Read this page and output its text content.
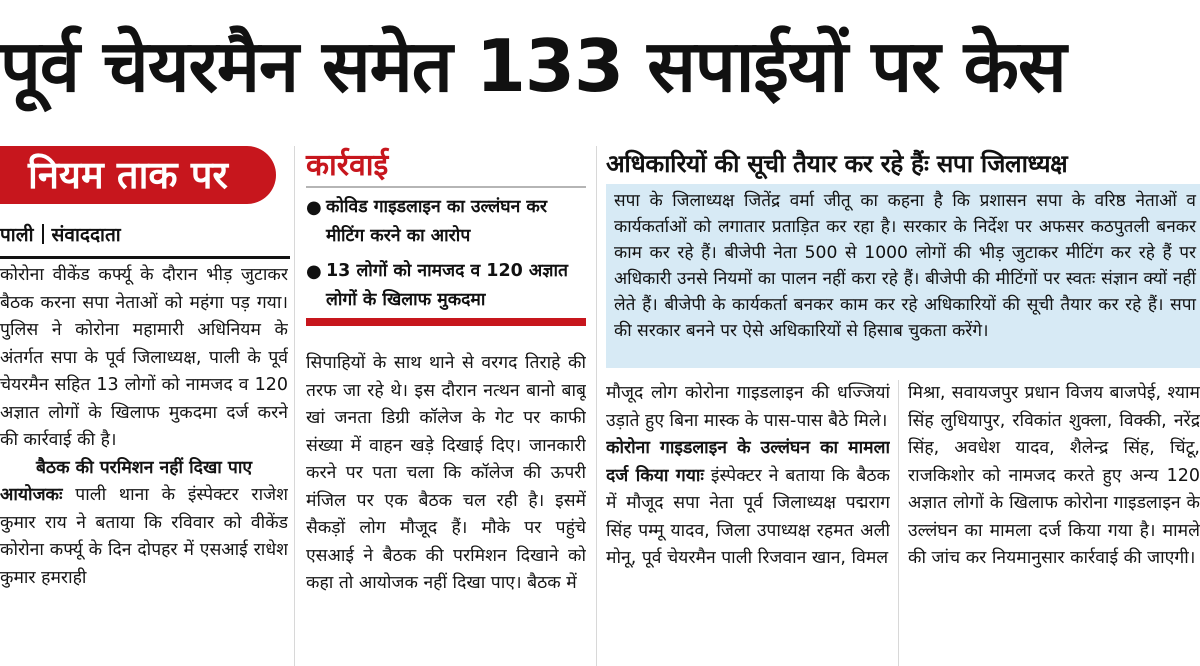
पूर्व चेयरमैन समेत 133 सपाईयों पर केस
नियम ताक पर
पाली संवाददाता

कोरोना वीकेंड कर्फ्यू के दौरान भीड़ जुटाकर बैठक करना सपा नेताओं को महंगा पड़ गया। पुलिस ने कोरोना महामारी अधिनियम के अंतर्गत सपा के पूर्व जिलाध्यक्ष, पाली के पूर्व चेयरमैन सहित 13 लोगों को नामजद व 120 अज्ञात लोगों के खिलाफ मुकदमा दर्ज करने की कार्रवाई की है।

बैठक की परमिशन नहीं दिखा पाए

आयोजकः पाली थाना के इंस्पेक्टर राजेश कुमार राय ने बताया कि रविवार को वीकेंड कोरोना कर्फ्यू के दिन दोपहर में एसआई राधेश कुमार हमराही

कार्रवाई
● कोविड गाइडलाइन का उल्लंघन कर मीटिंग करने का आरोप
● 13 लोगों को नामजद व 120 अज्ञात लोगों के खिलाफ मुकदमा

सिपाहियों के साथ थाने से वरगद तिराहे की तरफ जा रहे थे। इस दौरान नत्थन बानो बाबू खां जनता डिग्री कॉलेज के गेट पर काफी संख्या में वाहन खड़े दिखाई दिए। जानकारी करने पर पता चला कि कॉलेज की ऊपरी मंजिल पर एक बैठक चल रही है। इसमें सैकड़ों लोग मौजूद हैं। मौके पर पहुंचे एसआई ने बैठक की परमिशन दिखाने को कहा तो आयोजक नहीं दिखा पाए। बैठक में

अधिकारियों की सूची तैयार कर रहे हैंः सपा जिलाध्यक्ष
सपा के जिलाध्यक्ष जितेंद्र वर्मा जीतू का कहना है कि प्रशासन सपा के वरिष्ठ नेताओं व कार्यकर्ताओं को लगातार प्रताड़ित कर रहा है। सरकार के निर्देश पर अफसर कठपुतली बनकर काम कर रहे हैं। बीजेपी नेता 500 से 1000 लोगों की भीड़ जुटाकर मीटिंग कर रहे हैं पर अधिकारी उनसे नियमों का पालन नहीं करा रहे हैं। बीजेपी की मीटिंगों पर स्वतः संज्ञान क्यों नहीं लेते हैं। बीजेपी के कार्यकर्ता बनकर काम कर रहे अधिकारियों की सूची तैयार कर रहे हैं। सपा की सरकार बनने पर ऐसे अधिकारियों से हिसाब चुकता करेंगे।

मौजूद लोग कोरोना गाइडलाइन की धज्जियां उड़ाते हुए बिना मास्क के पास-पास बैठे मिले।

कोरोना गाइडलाइन के उल्लंघन का मामला दर्ज किया गयाः इंस्पेक्टर ने बताया कि बैठक में मौजूद सपा नेता पूर्व जिलाध्यक्ष पद्मराग सिंह पम्मू यादव, जिला उपाध्यक्ष रहमत अली मोनू, पूर्व चेयरमैन पाली रिजवान खान, विमल

मिश्रा, सवायजपुर प्रधान विजय बाजपेई, श्याम सिंह लुधियापुर, रविकांत शुक्ला, विक्की, नरेंद्र सिंह, अवधेश यादव, शैलेन्द्र सिंह, चिंटू, राजकिशोर को नामजद करते हुए अन्य 120 अज्ञात लोगों के खिलाफ कोरोना गाइडलाइन के उल्लंघन का मामला दर्ज किया गया है। मामले की जांच कर नियमानुसार कार्रवाई की जाएगी।
